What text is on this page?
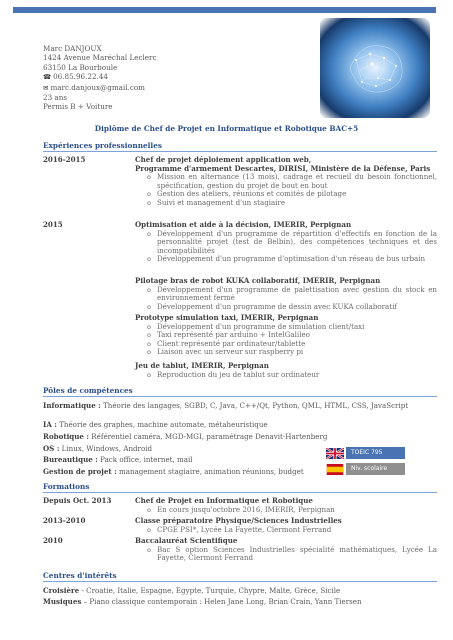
Marc DANJOUX
1424 Avenue Maréchal Leclerc
63150 La Bourboule
☎ 06.85.96.22.44
✉ marc.danjoux@gmail.com
23 ans
Permis B + Voiture
Diplôme de Chef de Projet en Informatique et Robotique BAC+5
Expériences professionnelles
2016-2015	Chef de projet déploiement application web,
Programme d'armement Descartes, DIRISI, Ministère de la Défense, Paris
o Mission en alternance (13 mois), cadrage et recueil du besoin fonctionnel, spécification, gestion du projet de bout en bout
o Gestion des ateliers, réunions et comités de pilotage
o Suivi et management d'un stagiaire
2015	Optimisation et aide à la décision, IMERIR, Perpignan
o Développement d'un programme de répartition d'effectifs en fonction de la personnalité projet (test de Belbin), des compétences techniques et des incompatibilités
o Développement d'un programme d'optimisation d'un réseau de bus urbain
Pilotage bras de robot KUKA collaboratif, IMERIR, Perpignan
o Développement d'un programme de palettisation avec gestion du stock en environnement fermé
o Développement d'un programme de dessin avec KUKA collaboratif
Prototype simulation taxi, IMERIR, Perpignan
o Développement d'un programme de simulation client/taxi
o Taxi représenté par arduino + IntelGalileo
o Client représenté par ordinateur/tablette
o Liaison avec un serveur sur raspberry pi
Jeu de tablut, IMERIR, Perpignan
o Reproduction du jeu de tablut sur ordinateur
Pôles de compétences
Informatique : Théorie des langages, SGBD, C, Java, C++/Qt, Python, QML, HTML, CSS, JavaScript
IA : Théorie des graphes, machine automate, métaheuristique
Robotique : Référentiel caméra, MGD-MGI, paramétrage Denavit-Hartenberg
OS : Linux, Windows, Android
Bureautique : Pack office, internet, mail
Gestion de projet : management stagiaire, animation réunions, budget
TOEIC 795
Niv. scolaire
Formations
Depuis Oct. 2013	Chef de Projet en Informatique et Robotique
o En cours jusqu'octobre 2016, IMERIR, Perpignan
2013-2010	Classe préparatoire Physique/Sciences Industrielles
o CPGE PSI*, Lycée La Fayette, Clermont Ferrand
2010	Baccalauréat Scientifique
o Bac S option Sciences Industrielles spécialité mathématiques, Lycée La Fayette, Clermont Ferrand
Centres d'intérêts
Croisière - Croatie, Italie, Espagne, Egypte, Turquie, Chypre, Malte, Grèce, Sicile
Musiques – Piano classique contemporain : Helen Jane Long, Brian Crain, Yann Tiersen
